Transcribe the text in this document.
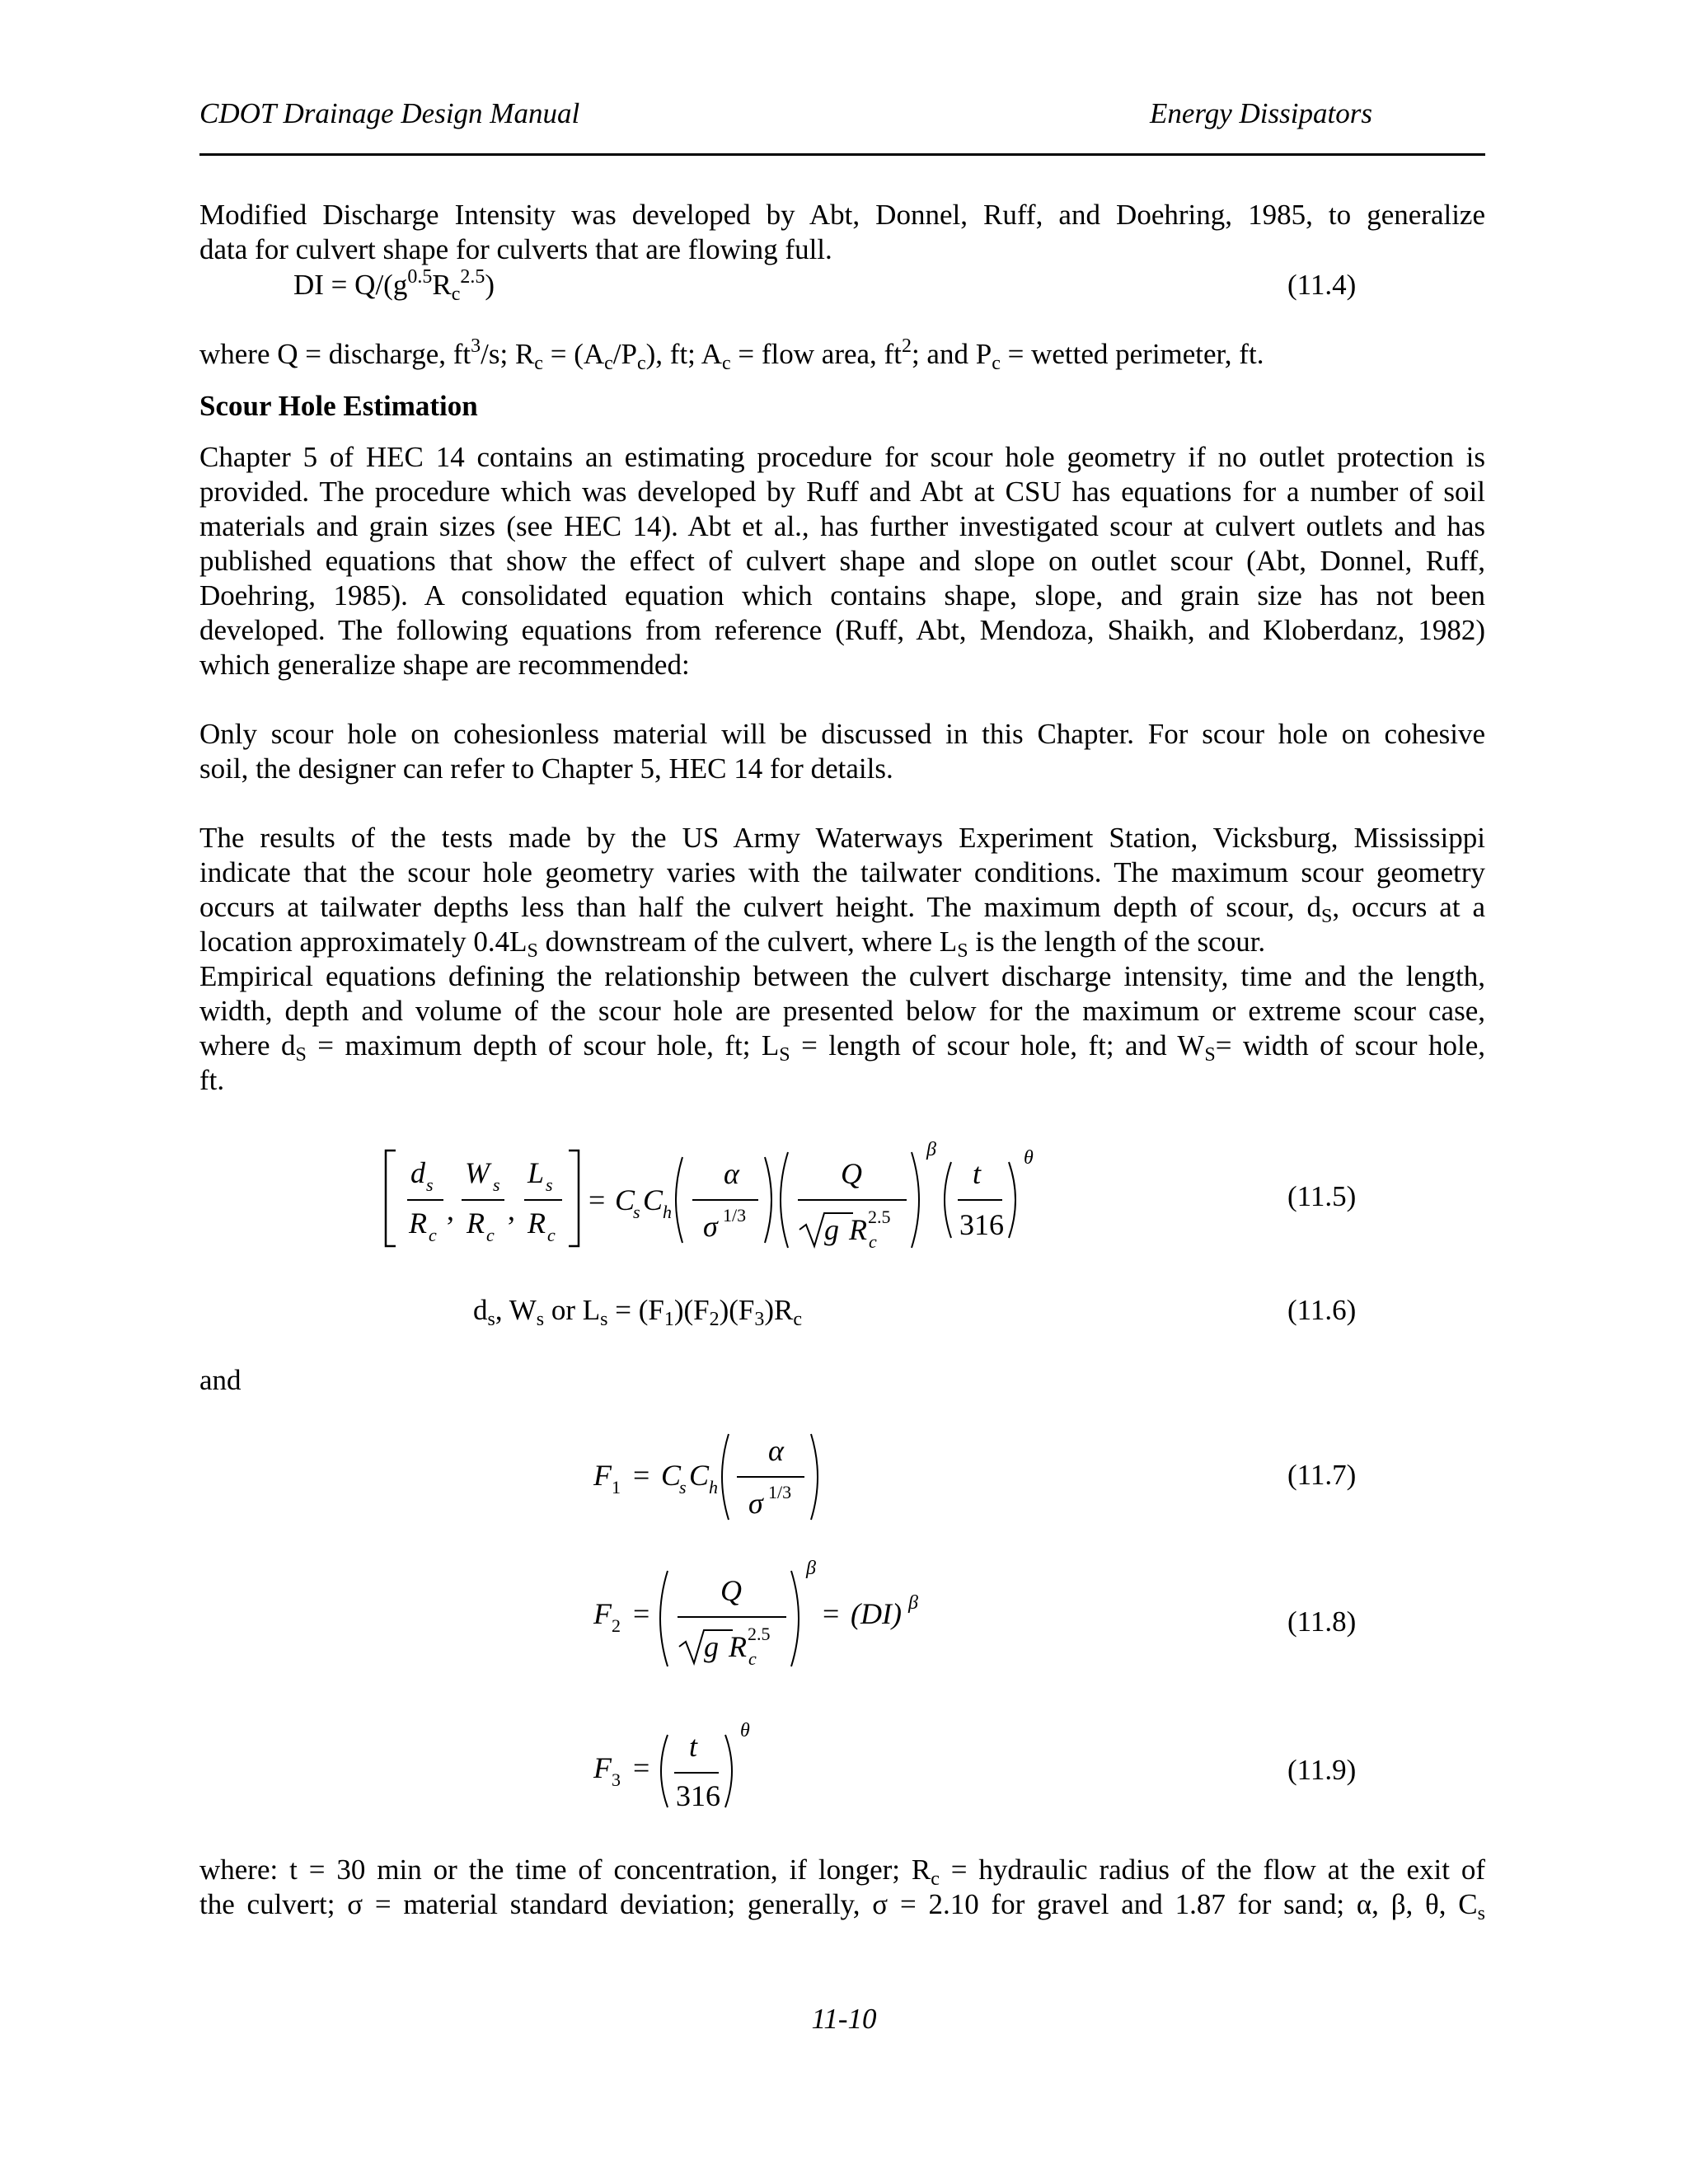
CDOT Drainage Design Manual	Energy Dissipators
Modified Discharge Intensity was developed by Abt, Donnel, Ruff, and Doehring, 1985, to generalize
data for culvert shape for culverts that are flowing full.
DI = $Q/(g^{0.5}R_c^{2.5})$	(11.4)
where Q = discharge, $ft^3/s$; $R_c = (A_c/P_c)$, ft; $A_c$ = flow area, $ft^2$; and $P_c$ = wetted perimeter, ft.
Scour Hole Estimation
Chapter 5 of HEC 14 contains an estimating procedure for scour hole geometry if no outlet protection is
provided. The procedure which was developed by Ruff and Abt at CSU has equations for a number of soil
materials and grain sizes (see HEC 14). Abt et al., has further investigated scour at culvert outlets and has
published equations that show the effect of culvert shape and slope on outlet scour (Abt, Donnel, Ruff,
Doehring, 1985). A consolidated equation which contains shape, slope, and grain size has not been
developed. The following equations from reference (Ruff, Abt, Mendoza, Shaikh, and Kloberdanz, 1982)
which generalize shape are recommended:
Only scour hole on cohesionless material will be discussed in this Chapter. For scour hole on cohesive
soil, the designer can refer to Chapter 5, HEC 14 for details.
The results of the tests made by the US Army Waterways Experiment Station, Vicksburg, Mississippi
indicate that the scour hole geometry varies with the tailwater conditions. The maximum scour geometry
occurs at tailwater depths less than half the culvert height. The maximum depth of scour, $d_S$, occurs at a
location approximately $0.4L_S$ downstream of the culvert, where $L_S$ is the length of the scour.
Empirical equations defining the relationship between the culvert discharge intensity, time and the length,
width, depth and volume of the scour hole are presented below for the maximum or extreme scour case,
where $d_S$ = maximum depth of scour hole, ft; $L_S$ = length of scour hole, ft; and $W_S=$ width of scour hole,
ft.
d s
R c
,
W s
R c
,
L s
R c
= C
s C h
α
σ 1/3
Q
g R 2.5
c
β
t
316
θ
(11.5)
$d_s$, $W_s$ or $L_s = (F_1)(F_2)(F_3)R_c$	(11.6)
and
F 1 = C
s C h
α
σ 1/3
(11.7)
F 2 =
Q
g R 2.5
c
β
= (DI) β
(11.8)
F 3 =
t
316
θ
(11.9)
where: t = 30 min or the time of concentration, if longer; $R_c$ = hydraulic radius of the flow at the exit of
the culvert; σ = material standard deviation; generally, σ = 2.10 for gravel and 1.87 for sand; α, β, θ, $C_s$
11-10
